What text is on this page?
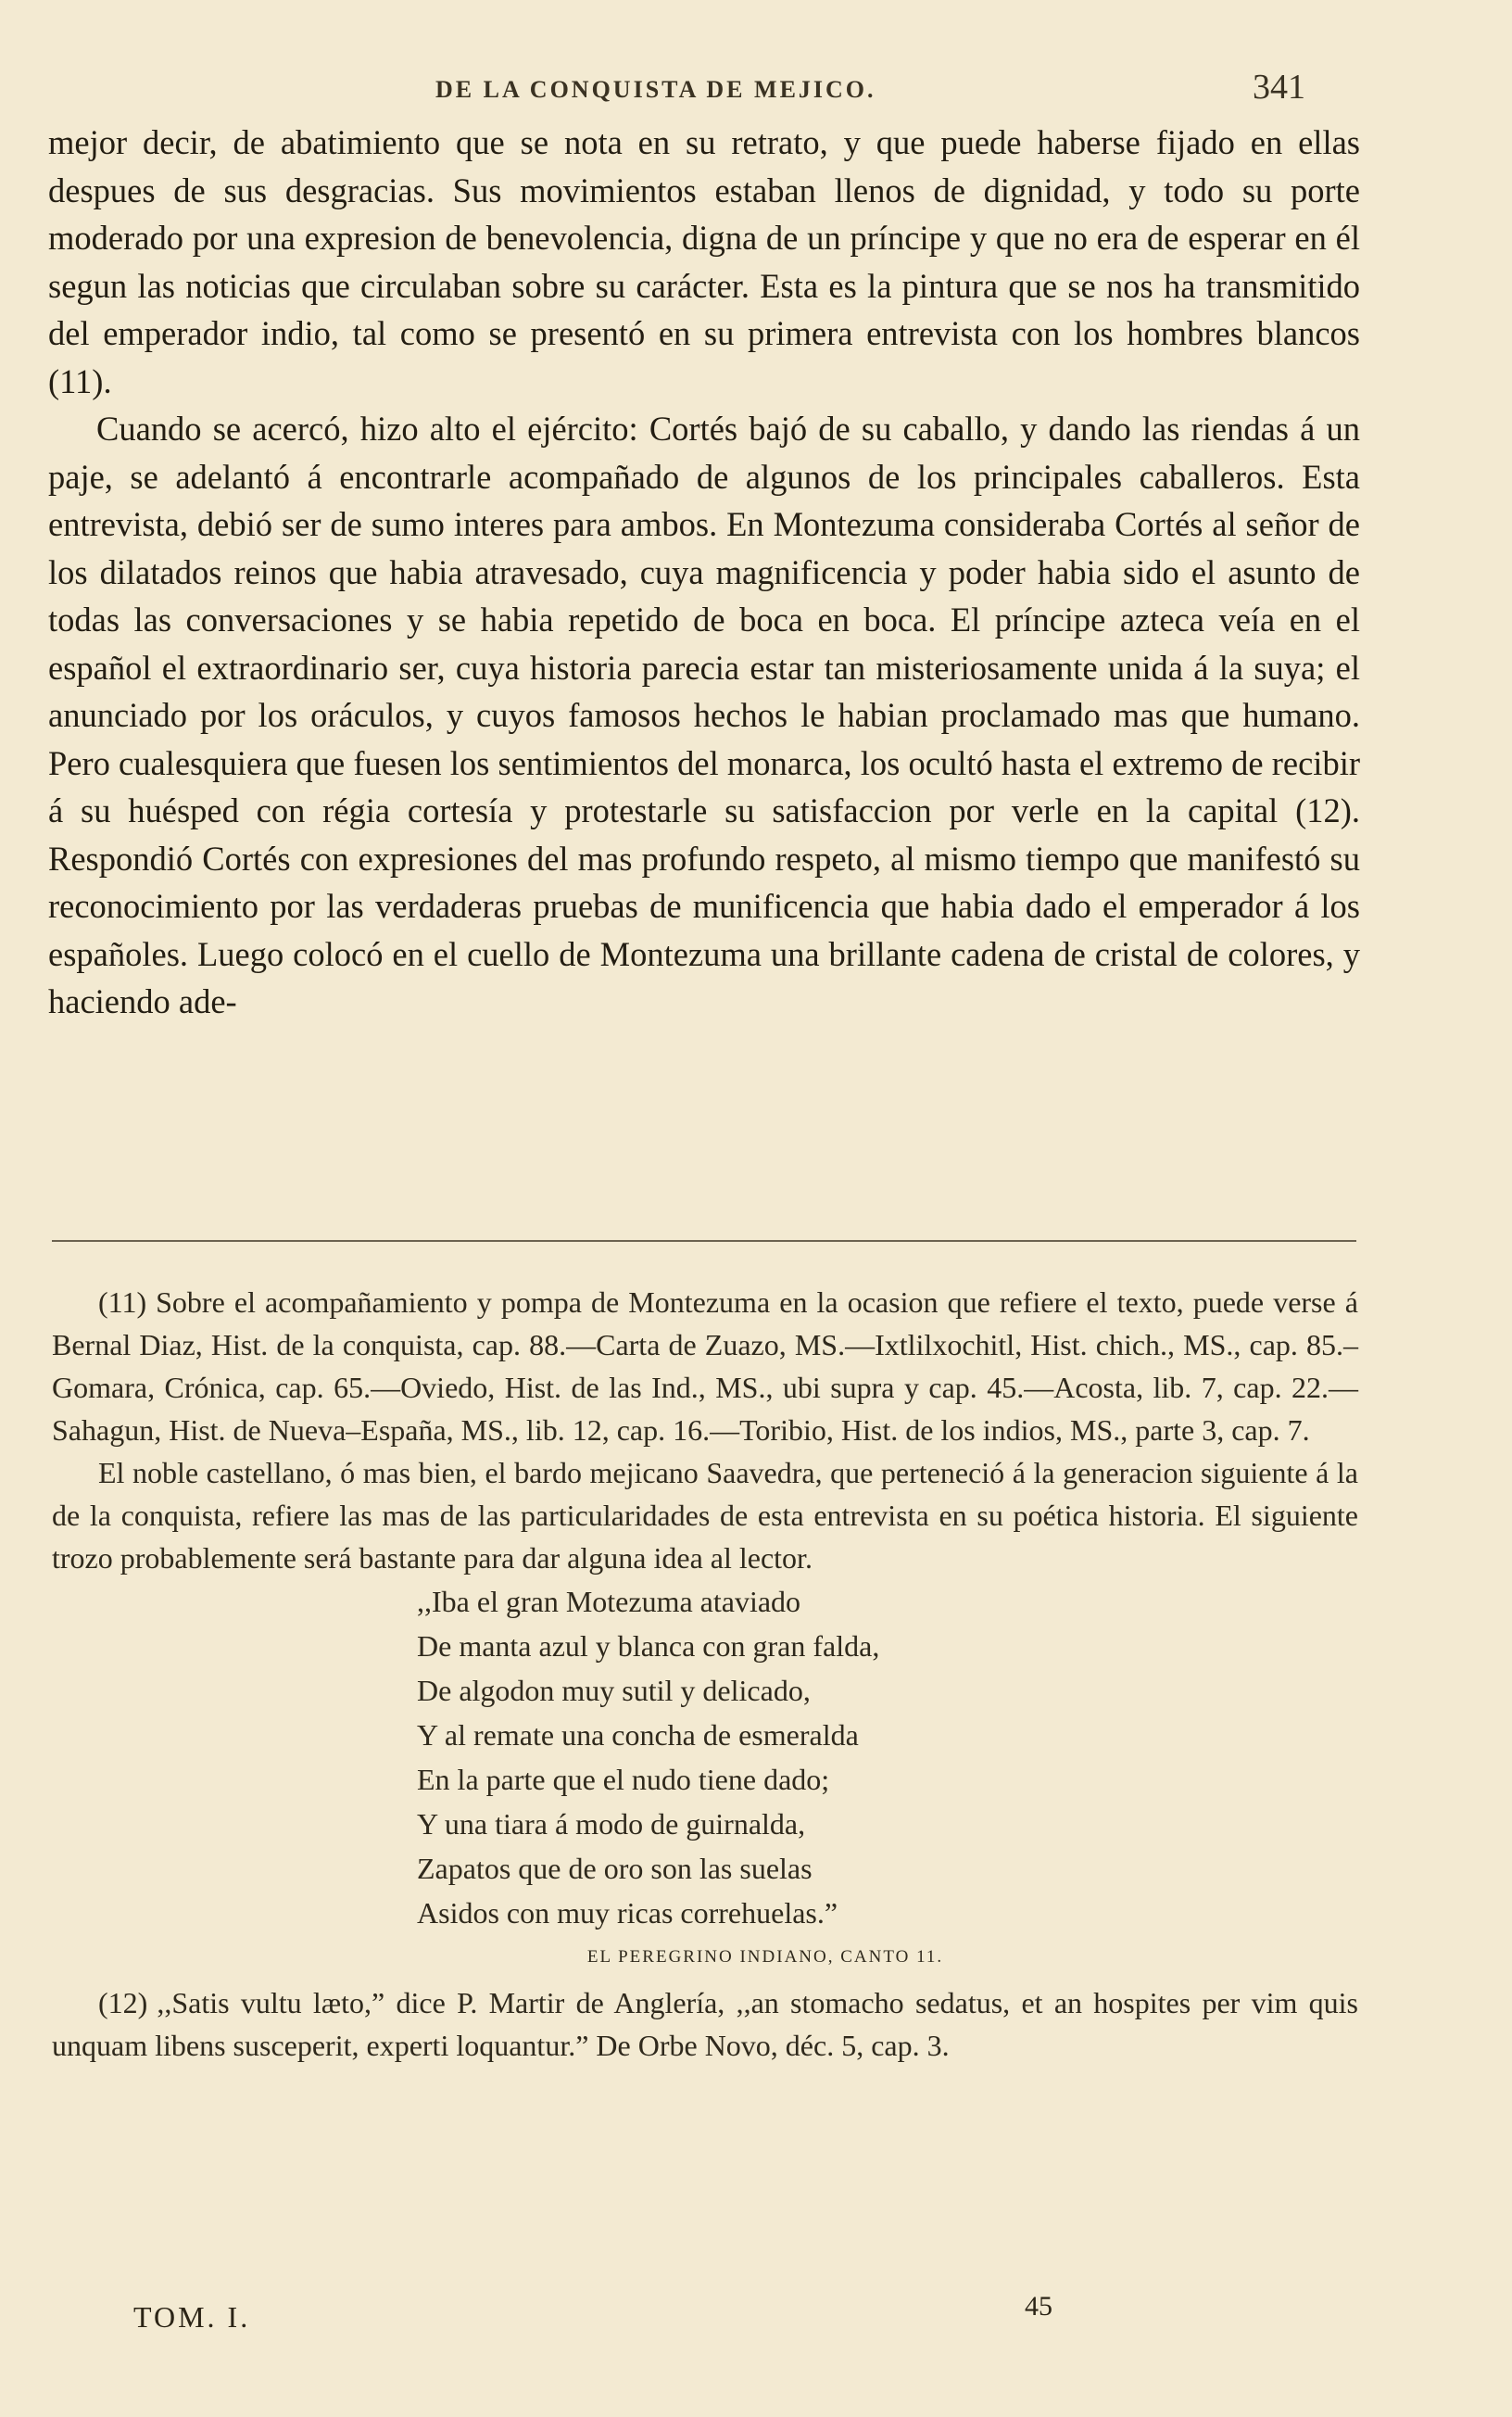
DE LA CONQUISTA DE MEJICO.	341

mejor decir, de abatimiento que se nota en su retrato, y que puede haberse fijado en ellas despues de sus desgracias. Sus movimientos estaban llenos de dignidad, y todo su porte moderado por una expresion de benevolencia, digna de un príncipe y que no era de esperar en él segun las noticias que circulaban sobre su carácter. Esta es la pintura que se nos ha transmitido del emperador indio, tal como se presentó en su primera entrevista con los hombres blancos (11).

Cuando se acercó, hizo alto el ejército: Cortés bajó de su caballo, y dando las riendas á un paje, se adelantó á encontrarle acompañado de algunos de los principales caballeros. Esta entrevista, debió ser de sumo interes para ambos. En Montezuma consideraba Cortés al señor de los dilatados reinos que habia atravesado, cuya magnificencia y poder habia sido el asunto de todas las conversaciones y se habia repetido de boca en boca. El príncipe azteca veía en el español el extraordinario ser, cuya historia parecia estar tan misteriosamente unida á la suya; el anunciado por los oráculos, y cuyos famosos hechos le habian proclamado mas que humano. Pero cualesquiera que fuesen los sentimientos del monarca, los ocultó hasta el extremo de recibir á su huésped con régia cortesía y protestarle su satisfaccion por verle en la capital (12). Respondió Cortés con expresiones del mas profundo respeto, al mismo tiempo que manifestó su reconocimiento por las verdaderas pruebas de munificencia que habia dado el emperador á los españoles. Luego colocó en el cuello de Montezuma una brillante cadena de cristal de colores, y haciendo ade-

(11) Sobre el acompañamiento y pompa de Montezuma en la ocasion que refiere el texto, puede verse á Bernal Diaz, Hist. de la conquista, cap. 88.—Carta de Zuazo, MS.—Ixtlilxochitl, Hist. chich., MS., cap. 85.–Gomara, Crónica, cap. 65.—Oviedo, Hist. de las Ind., MS., ubi supra y cap. 45.—Acosta, lib. 7, cap. 22.—Sahagun, Hist. de Nueva–España, MS., lib. 12, cap. 16.—Toribio, Hist. de los indios, MS., parte 3, cap. 7.

El noble castellano, ó mas bien, el bardo mejicano Saavedra, que perteneció á la generacion siguiente á la de la conquista, refiere las mas de las particularidades de esta entrevista en su poética historia. El siguiente trozo probablemente será bastante para dar alguna idea al lector.

,,Iba el gran Motezuma ataviado
De manta azul y blanca con gran falda,
De algodon muy sutil y delicado,
Y al remate una concha de esmeralda
En la parte que el nudo tiene dado;
Y una tiara á modo de guirnalda,
Zapatos que de oro son las suelas
Asidos con muy ricas correhuelas.”
EL PEREGRINO INDIANO, CANTO 11.

(12) ,,Satis vultu læto,” dice P. Martir de Anglería, ,,an stomacho sedatus, et an hospites per vim quis unquam libens susceperit, experti loquantur.” De Orbe Novo, déc. 5, cap. 3.

TOM. I.	45
